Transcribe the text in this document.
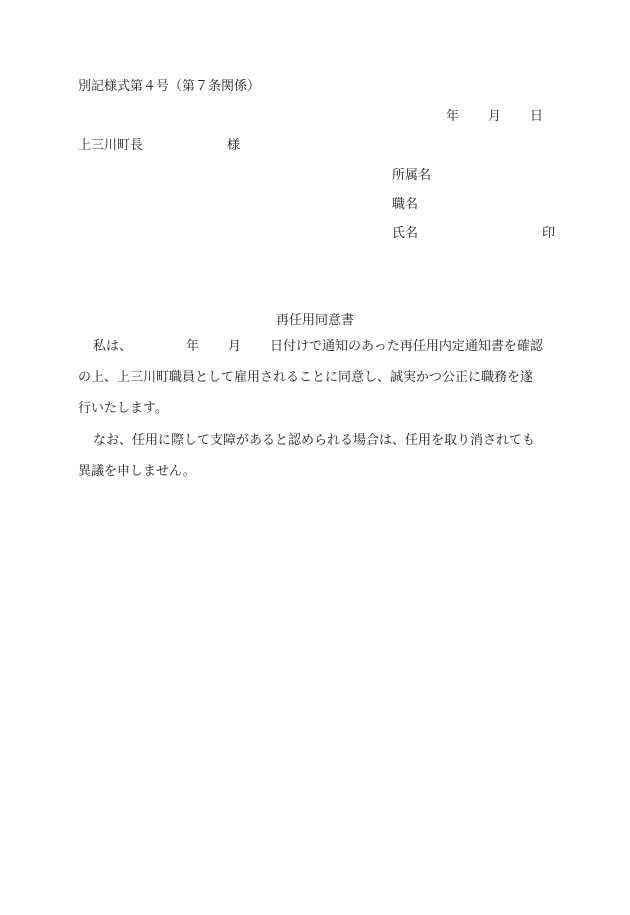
別記様式第４号（第７条関係）
年 月 日
上三川町長	様
所属名
職名
氏名	印
再任用同意書
私は、	年 月 日付けで通知のあった再任用内定通知書を確認
の上、上三川町職員として雇用されることに同意し、誠実かつ公正に職務を遂
行いたします。
なお、任用に際して支障があると認められる場合は、任用を取り消されても
異議を申しません。
